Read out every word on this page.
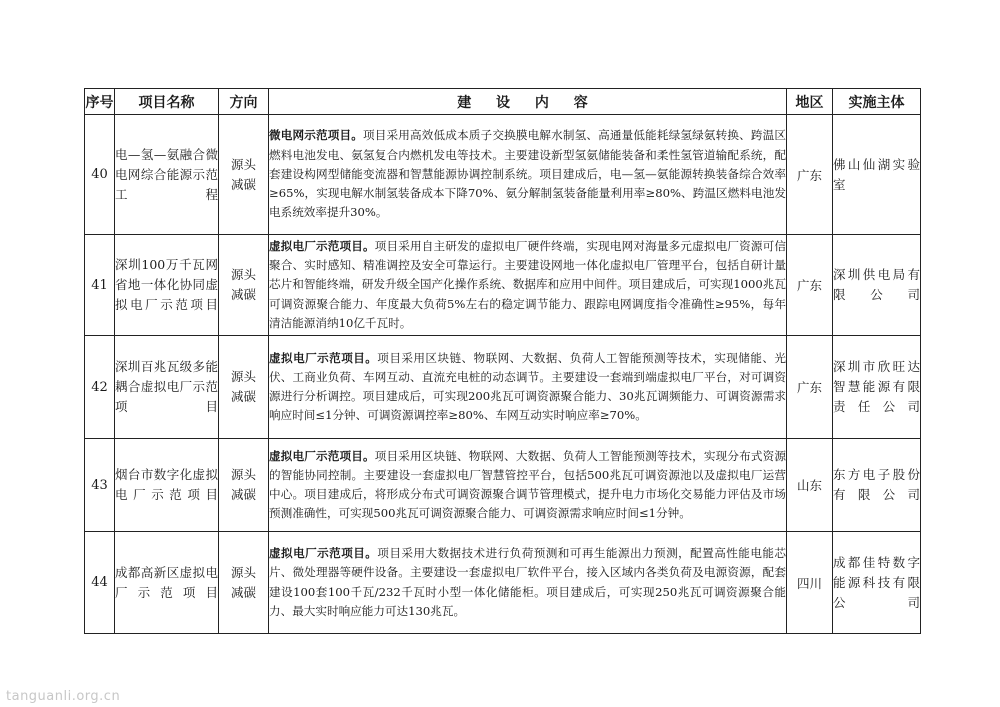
序号	项目名称	方向	建 设 内 容	地区	实施主体
40	电—氢—氨融合微电网综合能源示范工程	源头减碳	微电网示范项目。项目采用高效低成本质子交换膜电解水制氢、高通量低能耗绿氢绿氨转换、跨温区燃料电池发电、氨氢复合内燃机发电等技术。主要建设新型氢氨储能装备和柔性氢管道输配系统，配套建设构网型储能变流器和智慧能源协调控制系统。项目建成后，电—氢—氨能源转换装备综合效率≥65%，实现电解水制氢装备成本下降70%、氨分解制氢装备能量利用率≥80%、跨温区燃料电池发电系统效率提升30%。	广东	佛山仙湖实验室
41	深圳100万千瓦网省地一体化协同虚拟电厂示范项目	源头减碳	虚拟电厂示范项目。项目采用自主研发的虚拟电厂硬件终端，实现电网对海量多元虚拟电厂资源可信聚合、实时感知、精准调控及安全可靠运行。主要建设网地一体化虚拟电厂管理平台，包括自研计量芯片和智能终端，研发升级全国产化操作系统、数据库和应用中间件。项目建成后，可实现1000兆瓦可调资源聚合能力、年度最大负荷5%左右的稳定调节能力、跟踪电网调度指令准确性≥95%，每年清洁能源消纳10亿千瓦时。	广东	深圳供电局有限公司
42	深圳百兆瓦级多能耦合虚拟电厂示范项目	源头减碳	虚拟电厂示范项目。项目采用区块链、物联网、大数据、负荷人工智能预测等技术，实现储能、光伏、工商业负荷、车网互动、直流充电桩的动态调节。主要建设一套端到端虚拟电厂平台，对可调资源进行分析调控。项目建成后，可实现200兆瓦可调资源聚合能力、30兆瓦调频能力、可调资源需求响应时间≤1分钟、可调资源调控率≥80%、车网互动实时响应率≥70%。	广东	深圳市欣旺达智慧能源有限责任公司
43	烟台市数字化虚拟电厂示范项目	源头减碳	虚拟电厂示范项目。项目采用区块链、物联网、大数据、负荷人工智能预测等技术，实现分布式资源的智能协同控制。主要建设一套虚拟电厂智慧管控平台，包括500兆瓦可调资源池以及虚拟电厂运营中心。项目建成后，将形成分布式可调资源聚合调节管理模式，提升电力市场化交易能力评估及市场预测准确性，可实现500兆瓦可调资源聚合能力、可调资源需求响应时间≤1分钟。	山东	东方电子股份有限公司
44	成都高新区虚拟电厂示范项目	源头减碳	虚拟电厂示范项目。项目采用大数据技术进行负荷预测和可再生能源出力预测，配置高性能电能芯片、微处理器等硬件设备。主要建设一套虚拟电厂软件平台，接入区域内各类负荷及电源资源，配套建设100套100千瓦/232千瓦时小型一体化储能柜。项目建成后，可实现250兆瓦可调资源聚合能力、最大实时响应能力可达130兆瓦。	四川	成都佳特数字能源科技有限公司
tanguanli.org.cn
